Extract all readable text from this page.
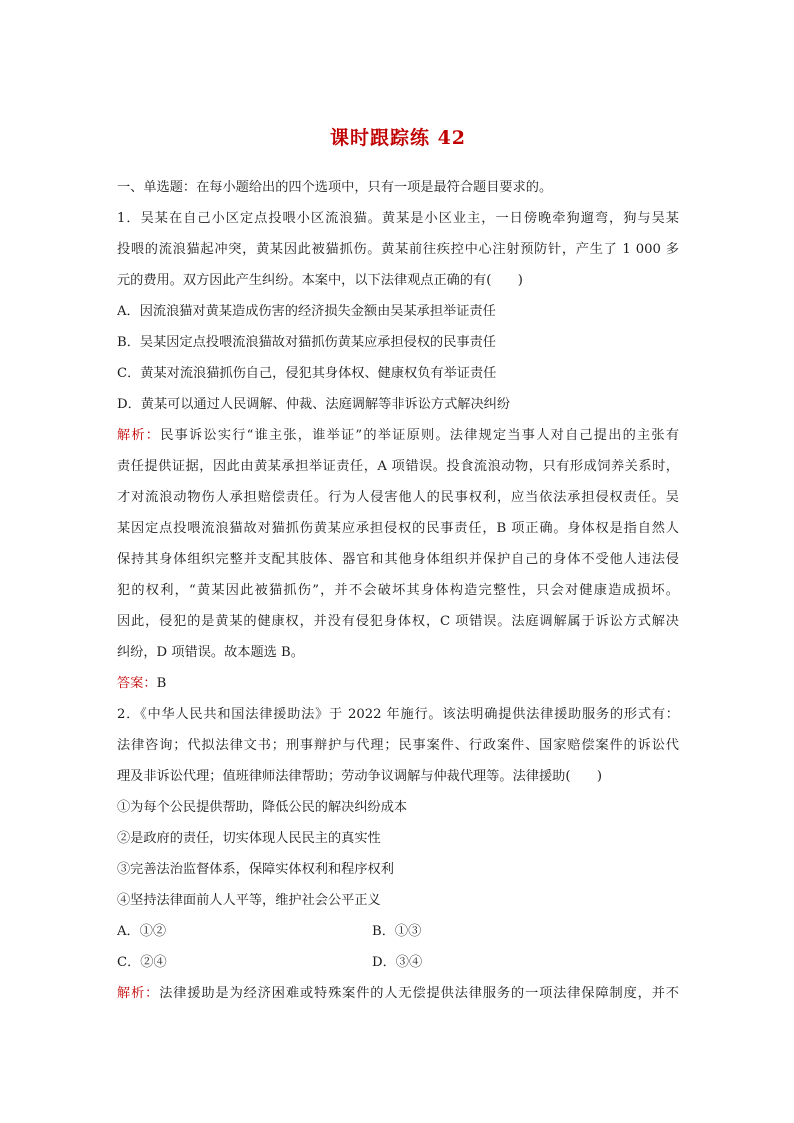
课时跟踪练 42
一、单选题：在每小题给出的四个选项中，只有一项是最符合题目要求的。
1．吴某在自己小区定点投喂小区流浪猫。黄某是小区业主，一日傍晚牵狗遛弯，狗与吴某
投喂的流浪猫起冲突，黄某因此被猫抓伤。黄某前往疾控中心注射预防针，产生了 1 000 多
元的费用。双方因此产生纠纷。本案中，以下法律观点正确的有(　　)
A．因流浪猫对黄某造成伤害的经济损失金额由吴某承担举证责任
B．吴某因定点投喂流浪猫故对猫抓伤黄某应承担侵权的民事责任
C．黄某对流浪猫抓伤自己，侵犯其身体权、健康权负有举证责任
D．黄某可以通过人民调解、仲裁、法庭调解等非诉讼方式解决纠纷
解析：民事诉讼实行“谁主张，谁举证”的举证原则。法律规定当事人对自己提出的主张有
责任提供证据，因此由黄某承担举证责任，A 项错误。投食流浪动物，只有形成饲养关系时，
才对流浪动物伤人承担赔偿责任。行为人侵害他人的民事权利，应当依法承担侵权责任。吴
某因定点投喂流浪猫故对猫抓伤黄某应承担侵权的民事责任，B 项正确。身体权是指自然人
保持其身体组织完整并支配其肢体、器官和其他身体组织并保护自己的身体不受他人违法侵
犯的权利，“黄某因此被猫抓伤”，并不会破坏其身体构造完整性，只会对健康造成损坏。
因此，侵犯的是黄某的健康权，并没有侵犯身体权，C 项错误。法庭调解属于诉讼方式解决
纠纷，D 项错误。故本题选 B。
答案：B
2．《中华人民共和国法律援助法》于 2022 年施行。该法明确提供法律援助服务的形式有：
法律咨询；代拟法律文书；刑事辩护与代理；民事案件、行政案件、国家赔偿案件的诉讼代
理及非诉讼代理；值班律师法律帮助；劳动争议调解与仲裁代理等。法律援助(　　)
①为每个公民提供帮助，降低公民的解决纠纷成本
②是政府的责任，切实体现人民民主的真实性
③完善法治监督体系，保障实体权利和程序权利
④坚持法律面前人人平等，维护社会公平正义
A．①②	B．①③
C．②④	D．③④
解析：法律援助是为经济困难或特殊案件的人无偿提供法律服务的一项法律保障制度，并不
